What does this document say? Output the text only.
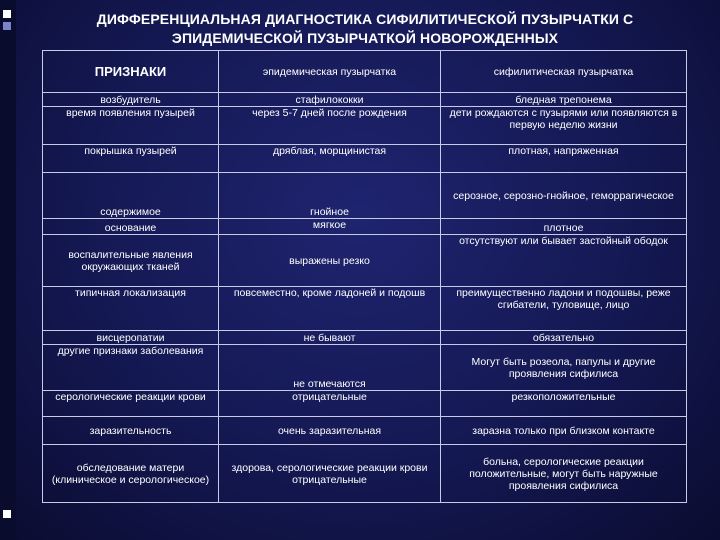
ДИФФЕРЕНЦИАЛЬНАЯ ДИАГНОСТИКА СИФИЛИТИЧЕСКОЙ ПУЗЫРЧАТКИ С
ЭПИДЕМИЧЕСКОЙ ПУЗЫРЧАТКОЙ НОВОРОЖДЕННЫХ
ПРИЗНАКИ	эпидемическая пузырчатка	сифилитическая пузырчатка
возбудитель	стафилококки	бледная трепонема
время появления пузырей	через 5-7 дней после рождения	дети рождаются с пузырями или появляются в первую неделю жизни
покрышка пузырей	дряблая, морщинистая	плотная, напряженная
содержимое	гнойное	серозное, серозно-гнойное, геморрагическое
основание	мягкое	плотное
воспалительные явления окружающих тканей	выражены резко	отсутствуют или бывает застойный ободок
типичная локализация	повсеместно, кроме ладоней и подошв	преимущественно ладони и подошвы, реже сгибатели, туловище, лицо
висцеропатии	не бывают	обязательно
другие признаки заболевания	не отмечаются	Могут быть розеола, папулы и другие проявления сифилиса
серологические реакции крови	отрицательные	резкоположительные
заразительность	очень заразительная	заразна только при близком контакте
обследование матери (клиническое и серологическое)	здорова, серологические реакции крови отрицательные	больна, серологические реакции положительные, могут быть наружные проявления сифилиса
